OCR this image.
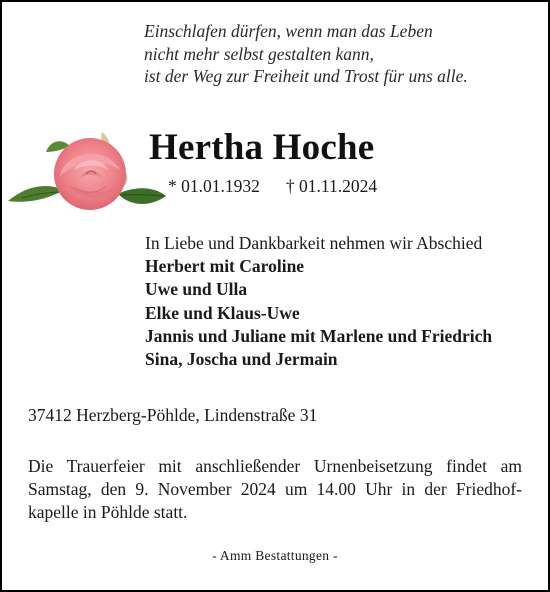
Einschlafen dürfen, wenn man das Leben
nicht mehr selbst gestalten kann,
ist der Weg zur Freiheit und Trost für uns alle.
Hertha Hoche
* 01.01.1932 † 01.11.2024
In Liebe und Dankbarkeit nehmen wir Abschied
Herbert mit Caroline
Uwe und Ulla
Elke und Klaus-Uwe
Jannis und Juliane mit Marlene und Friedrich
Sina, Joscha und Jermain
37412 Herzberg-Pöhlde, Lindenstraße 31
Die Trauerfeier mit anschließender Urnenbeisetzung findet am
Samstag, den 9. November 2024 um 14.00 Uhr in der Friedhof-
kapelle in Pöhlde statt.
- Amm Bestattungen -
